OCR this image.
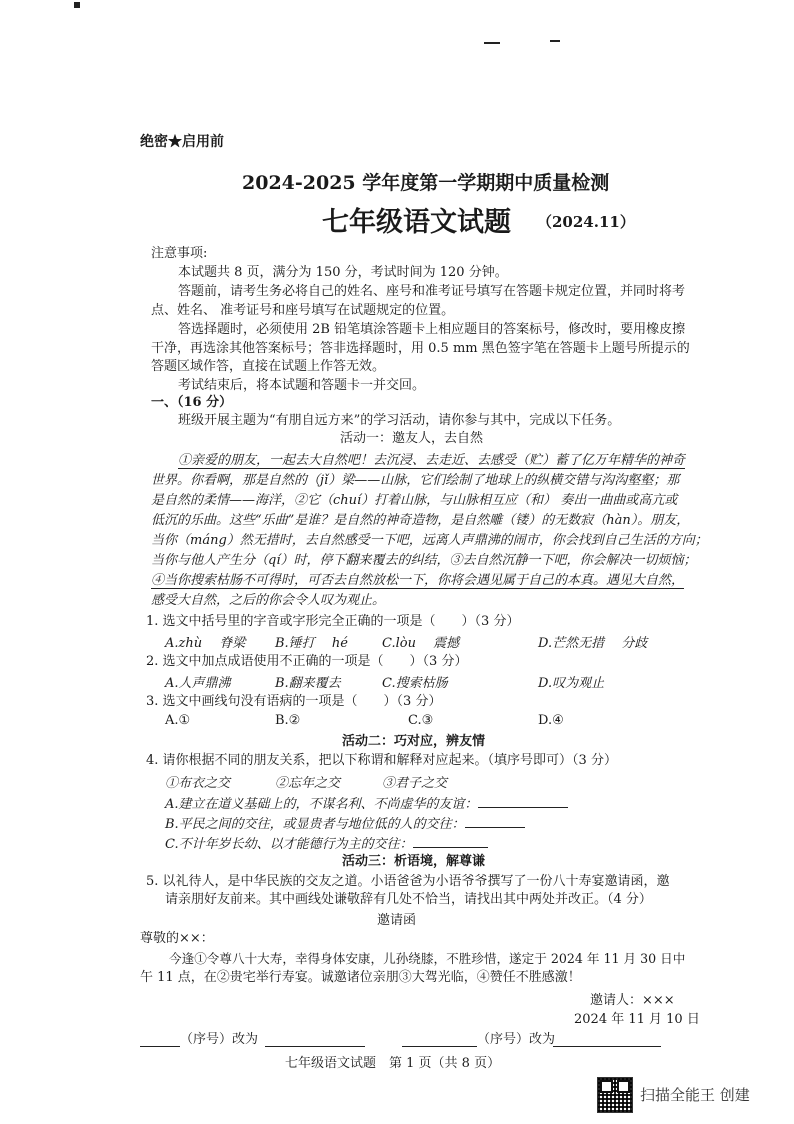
绝密★启用前
2024-2025 学年度第一学期期中质量检测
七年级语文试题 （2024.11）
注意事项:
本试题共 8 页，满分为 150 分，考试时间为 120 分钟。
答题前，请考生务必将自己的姓名、座号和准考证号填写在答题卡规定位置，并同时将考
点、姓名、 准考证号和座号填写在试题规定的位置。
答选择题时，必须使用 2B 铅笔填涂答题卡上相应题目的答案标号，修改时，要用橡皮擦
干净，再选涂其他答案标号；答非选择题时，用 0.5 mm 黑色签字笔在答题卡上题号所提示的
答题区域作答，直接在试题上作答无效。
考试结束后，将本试题和答题卡一并交回。
一、（16 分）
班级开展主题为“有朋自远方来”的学习活动，请你参与其中，完成以下任务。
活动一：邀友人，去自然
①亲爱的朋友，一起去大自然吧！去沉浸、去走近、去感受（贮）蓄了亿万年精华的神奇
世界。你看啊，那是自然的（jǐ）梁——山脉，它们绘制了地球上的纵横交错与沟沟壑壑；那
是自然的柔情——海洋，②它（chuí）打着山脉，与山脉相互应（和） 奏出一曲曲或高亢或
低沉的乐曲。这些“乐曲”是谁？是自然的神奇造物，是自然雕（镂）的无数寂（hàn）。朋友，
当你（máng）然无措时，去自然感受一下吧，远离人声鼎沸的闹市，你会找到自己生活的方向；
当你与他人产生分（qí）时，停下翻来覆去的纠结，③去自然沉静一下吧，你会解决一切烦恼；
④当你搜索枯肠不可得时，可否去自然放松一下，你将会遇见属于自己的本真。遇见大自然，
感受大自然，之后的你会令人叹为观止。
1. 选文中括号里的字音或字形完全正确的一项是（　　）（3 分）
A.zhù　 脊梁 B.锤打　 hé	C.lòu　 震撼	D.芒然无措　 分歧
2. 选文中加点成语使用不正确的一项是（　　）（3 分）
A.人声鼎沸	B.翻来覆去	C.搜索枯肠	D.叹为观止
3. 选文中画线句没有语病的一项是（　　）（3 分）
A.①	B.②	C.③	D.④
活动二：巧对应，辨友情
4. 请你根据不同的朋友关系，把以下称谓和解释对应起来。（填序号即可）（3 分）
①布衣之交	②忘年之交	③君子之交
A.建立在道义基础上的，不谋名利、不尚虚华的友谊：
B.平民之间的交往，或显贵者与地位低的人的交往：
C.不计年岁长幼、以才能德行为主的交往：
活动三：析语境，解尊谦
5. 以礼待人，是中华民族的交友之道。小语爸爸为小语爷爷撰写了一份八十寿宴邀请函，邀
请亲朋好友前来。其中画线处谦敬辞有几处不恰当，请找出其中两处并改正。（4 分）
邀请函
尊敬的××：
今逢①令尊八十大寿，幸得身体安康，儿孙绕膝，不胜珍惜，遂定于 2024 年 11 月 30 日中
午 11 点，在②贵宅举行寿宴。诚邀诸位亲朋③大驾光临，④赞任不胜感激！
邀请人：×××
2024 年 11 月 10 日
（序号）改为	（序号）改为
七年级语文试题　第 1 页（共 8 页）
扫描全能王 创建
